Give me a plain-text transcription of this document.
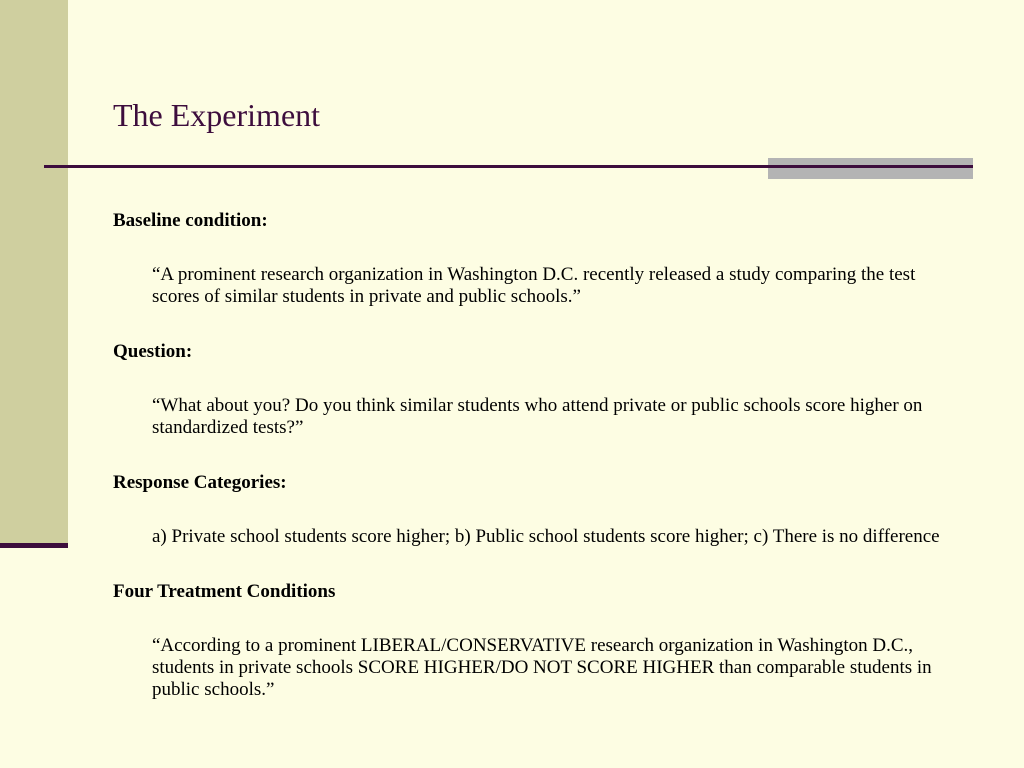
The Experiment

Baseline condition:

“A prominent research organization in Washington D.C. recently released a study comparing the test scores of similar students in private and public schools.”

Question:

“What about you? Do you think similar students who attend private or public schools score higher on standardized tests?”

Response Categories:

a) Private school students score higher; b) Public school students score higher; c) There is no difference

Four Treatment Conditions

“According to a prominent LIBERAL/CONSERVATIVE research organization in Washington D.C., students in private schools SCORE HIGHER/DO NOT SCORE HIGHER than comparable students in public schools.”
